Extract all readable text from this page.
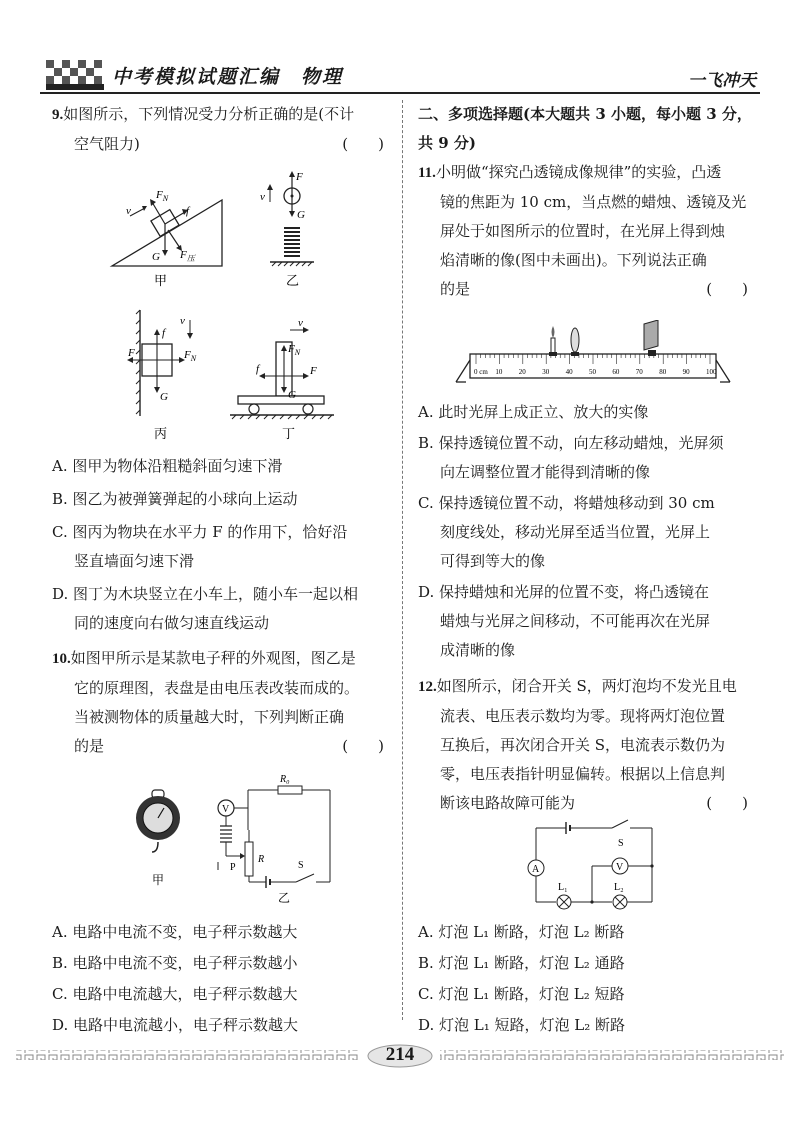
中考模拟试题汇编　物理	一飞冲天

9.如图所示，下列情况受力分析正确的是(不计

空气阻力)	(　　)

$F_N$
f
v
G $F_压$
甲
F
G
v
乙
f
v
F	$F_N$
G
丙
v
$F_N$
f	F
G
丁

A. 图甲为物体沿粗糙斜面匀速下滑

B. 图乙为被弹簧弹起的小球向上运动

C. 图丙为物块在水平力 F 的作用下，恰好沿

竖直墙面匀速下滑

D. 图丁为木块竖立在小车上，随小车一起以相

同的速度向右做匀速直线运动

10.如图甲所示是某款电子秤的外观图，图乙是

它的原理图，表盘是由电压表改装而成的。

当被测物体的质量越大时，下列判断正确

的是	(　　)

甲
V
R₀
R
P	S
乙

A. 电路中电流不变，电子秤示数越大

B. 电路中电流不变，电子秤示数越小

C. 电路中电流越大，电子秤示数越大

D. 电路中电流越小，电子秤示数越大

二、多项选择题(本大题共 3 小题，每小题 3 分，

共 9 分)

11.小明做“探究凸透镜成像规律”的实验，凸透

镜的焦距为 10 cm，当点燃的蜡烛、透镜及光

屏处于如图所示的位置时，在光屏上得到烛

焰清晰的像(图中未画出)。下列说法正确

的是	(　　)

0 cm 10 20 30 40 50 60 70 80 90 100

A. 此时光屏上成正立、放大的实像

B. 保持透镜位置不动，向左移动蜡烛，光屏须

向左调整位置才能得到清晰的像

C. 保持透镜位置不动，将蜡烛移动到 30 cm

刻度线处，移动光屏至适当位置，光屏上

可得到等大的像

D. 保持蜡烛和光屏的位置不变，将凸透镜在

蜡烛与光屏之间移动，不可能再次在光屏

成清晰的像

12.如图所示，闭合开关 S，两灯泡均不发光且电

流表、电压表示数均为零。现将两灯泡位置

互换后，再次闭合开关 S，电流表示数仍为

零，电压表指针明显偏转。根据以上信息判

断该电路故障可能为	(　　)

S
A
L₁	L₂
V

A. 灯泡 L₁ 断路，灯泡 L₂ 断路

B. 灯泡 L₁ 断路，灯泡 L₂ 通路

C. 灯泡 L₁ 断路，灯泡 L₂ 短路

D. 灯泡 L₁ 短路，灯泡 L₂ 断路

214
